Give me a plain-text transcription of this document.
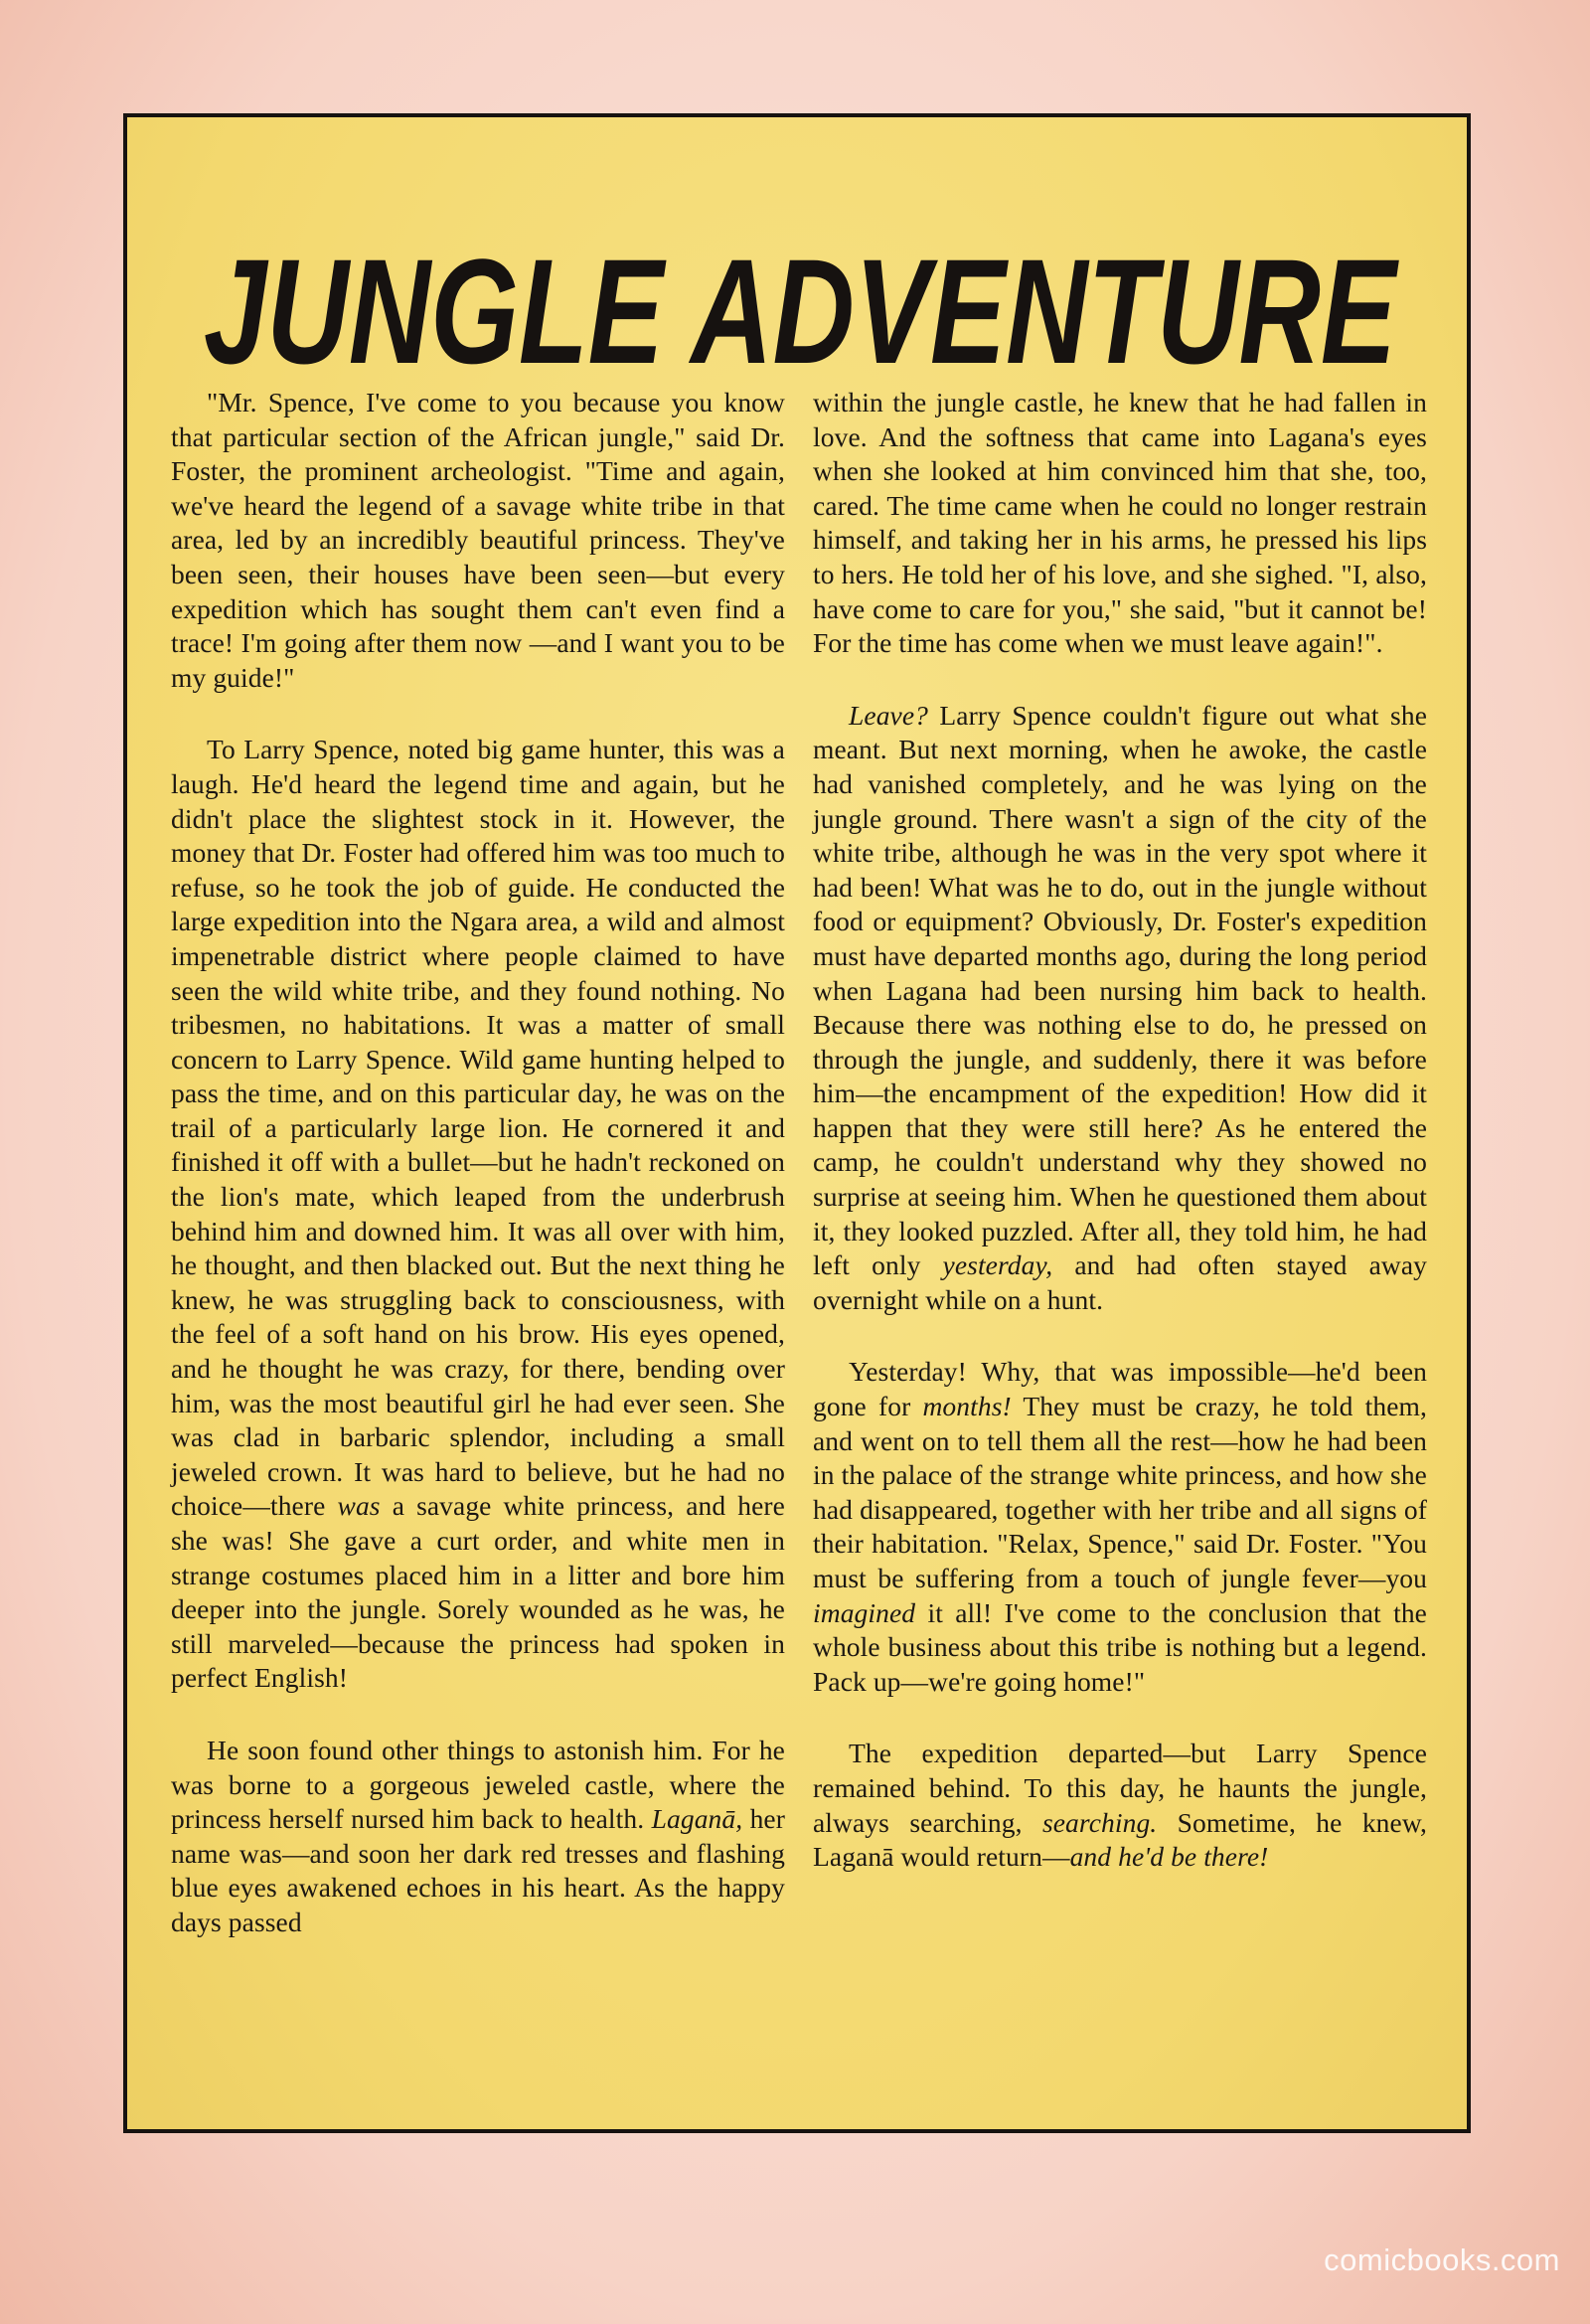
JUNGLE ADVENTURE

"Mr. Spence, I've come to you because you know that particular section of the African jungle," said Dr. Foster, the prominent archeologist. "Time and again, we've heard the legend of a savage white tribe in that area, led by an incredibly beautiful princess. They've been seen, their houses have been seen—but every expedition which has sought them can't even find a trace! I'm going after them now —and I want you to be my guide!"

To Larry Spence, noted big game hunter, this was a laugh. He'd heard the legend time and again, but he didn't place the slightest stock in it. However, the money that Dr. Foster had offered him was too much to refuse, so he took the job of guide. He conducted the large expedition into the Ngara area, a wild and almost impenetrable district where people claimed to have seen the wild white tribe, and they found nothing. No tribesmen, no habitations. It was a matter of small concern to Larry Spence. Wild game hunting helped to pass the time, and on this particular day, he was on the trail of a particularly large lion. He cornered it and finished it off with a bullet—but he hadn't reckoned on the lion's mate, which leaped from the underbrush behind him and downed him. It was all over with him, he thought, and then blacked out. But the next thing he knew, he was struggling back to consciousness, with the feel of a soft hand on his brow. His eyes opened, and he thought he was crazy, for there, bending over him, was the most beautiful girl he had ever seen. She was clad in barbaric splendor, including a small jeweled crown. It was hard to believe, but he had no choice—there was a savage white princess, and here she was! She gave a curt order, and white men in strange costumes placed him in a litter and bore him deeper into the jungle. Sorely wounded as he was, he still marveled—because the princess had spoken in perfect English!

He soon found other things to astonish him. For he was borne to a gorgeous jeweled castle, where the princess herself nursed him back to health. Laganā, her name was—and soon her dark red tresses and flashing blue eyes awakened echoes in his heart. As the happy days passed

within the jungle castle, he knew that he had fallen in love. And the softness that came into Lagana's eyes when she looked at him convinced him that she, too, cared. The time came when he could no longer restrain himself, and taking her in his arms, he pressed his lips to hers. He told her of his love, and she sighed. "I, also, have come to care for you," she said, "but it cannot be! For the time has come when we must leave again!".

Leave? Larry Spence couldn't figure out what she meant. But next morning, when he awoke, the castle had vanished completely, and he was lying on the jungle ground. There wasn't a sign of the city of the white tribe, although he was in the very spot where it had been! What was he to do, out in the jungle without food or equipment? Obviously, Dr. Foster's expedition must have departed months ago, during the long period when Lagana had been nursing him back to health. Because there was nothing else to do, he pressed on through the jungle, and suddenly, there it was before him—the encampment of the expedition! How did it happen that they were still here? As he entered the camp, he couldn't understand why they showed no surprise at seeing him. When he questioned them about it, they looked puzzled. After all, they told him, he had left only yesterday, and had often stayed away overnight while on a hunt.

Yesterday! Why, that was impossible—he'd been gone for months! They must be crazy, he told them, and went on to tell them all the rest—how he had been in the palace of the strange white princess, and how she had disappeared, together with her tribe and all signs of their habitation. "Relax, Spence," said Dr. Foster. "You must be suffering from a touch of jungle fever—you imagined it all! I've come to the conclusion that the whole business about this tribe is nothing but a legend. Pack up—we're going home!"

The expedition departed—but Larry Spence remained behind. To this day, he haunts the jungle, always searching, searching. Sometime, he knew, Laganā would return—and he'd be there!

comicbooks.com
